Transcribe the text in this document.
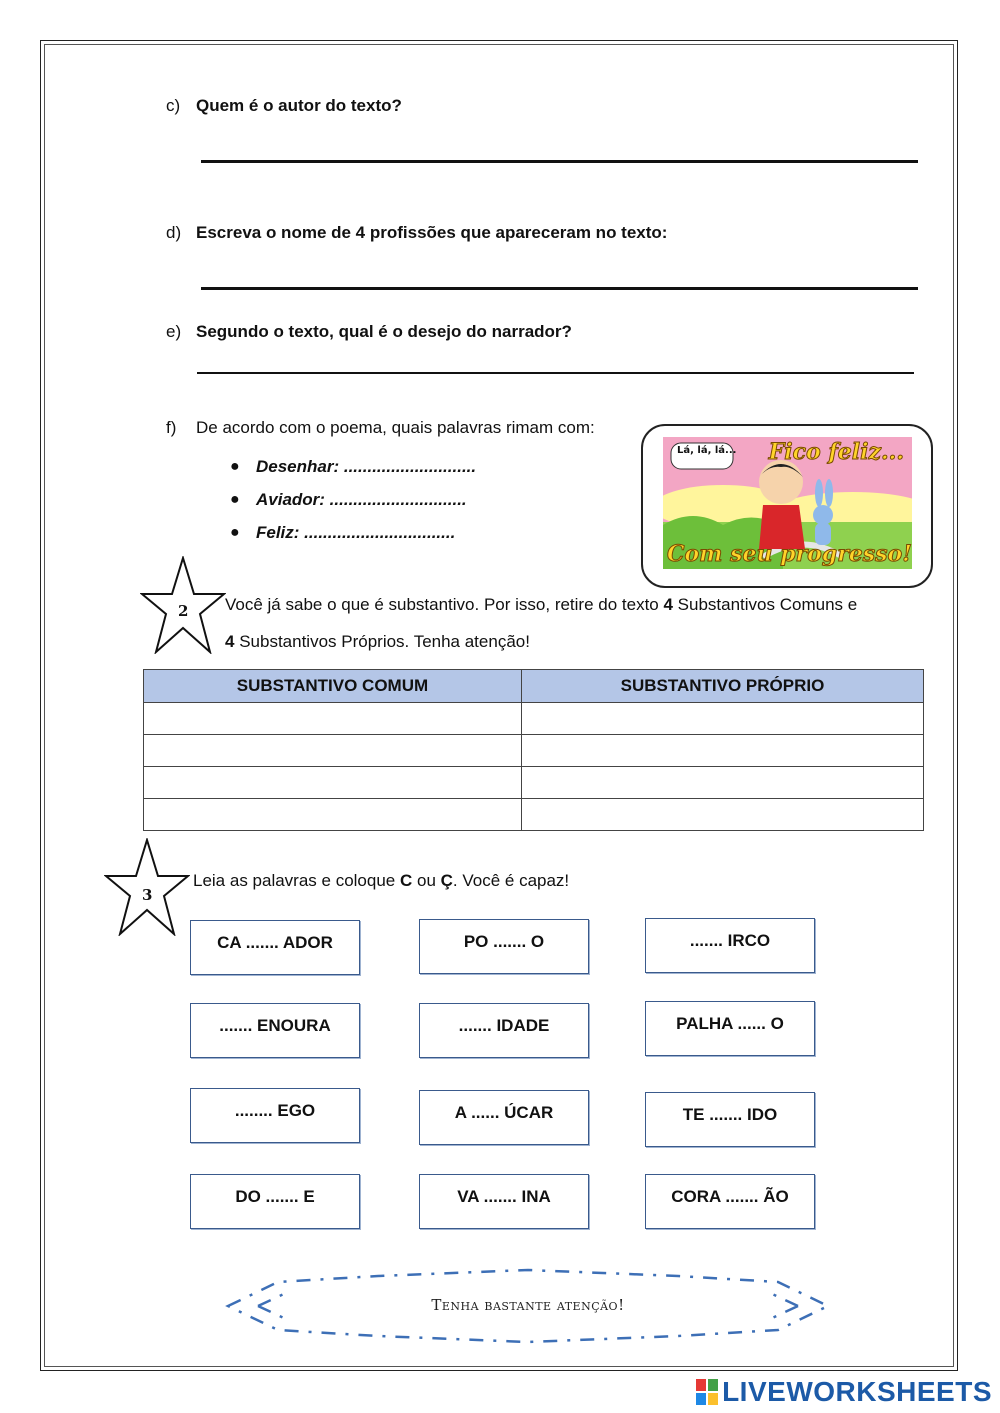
c) Quem é o autor do texto?
d) Escreva o nome de 4 profissões que apareceram no texto:
e) Segundo o texto, qual é o desejo do narrador?
f) De acordo com o poema, quais palavras rimam com:
● Desenhar: ............................
● Aviador: .............................
● Feliz: ................................
Lá, lá, lá... Fico feliz...
Com seu progresso!
2 Você já sabe o que é substantivo. Por isso, retire do texto 4 Substantivos Comuns e
4 Substantivos Próprios. Tenha atenção!
SUBSTANTIVO COMUM	SUBSTANTIVO PRÓPRIO

3
Leia as palavras e coloque C ou Ç. Você é capaz!
CA ....... ADOR	PO ....... O	....... IRCO
....... ENOURA	....... IDADE	PALHA ...... O
........ EGO	A ...... ÚCAR	TE ....... IDO
DO ....... E	VA ....... INA	CORA ....... ÃO
Tenha bastante atenção!
LIVEWORKSHEETS
